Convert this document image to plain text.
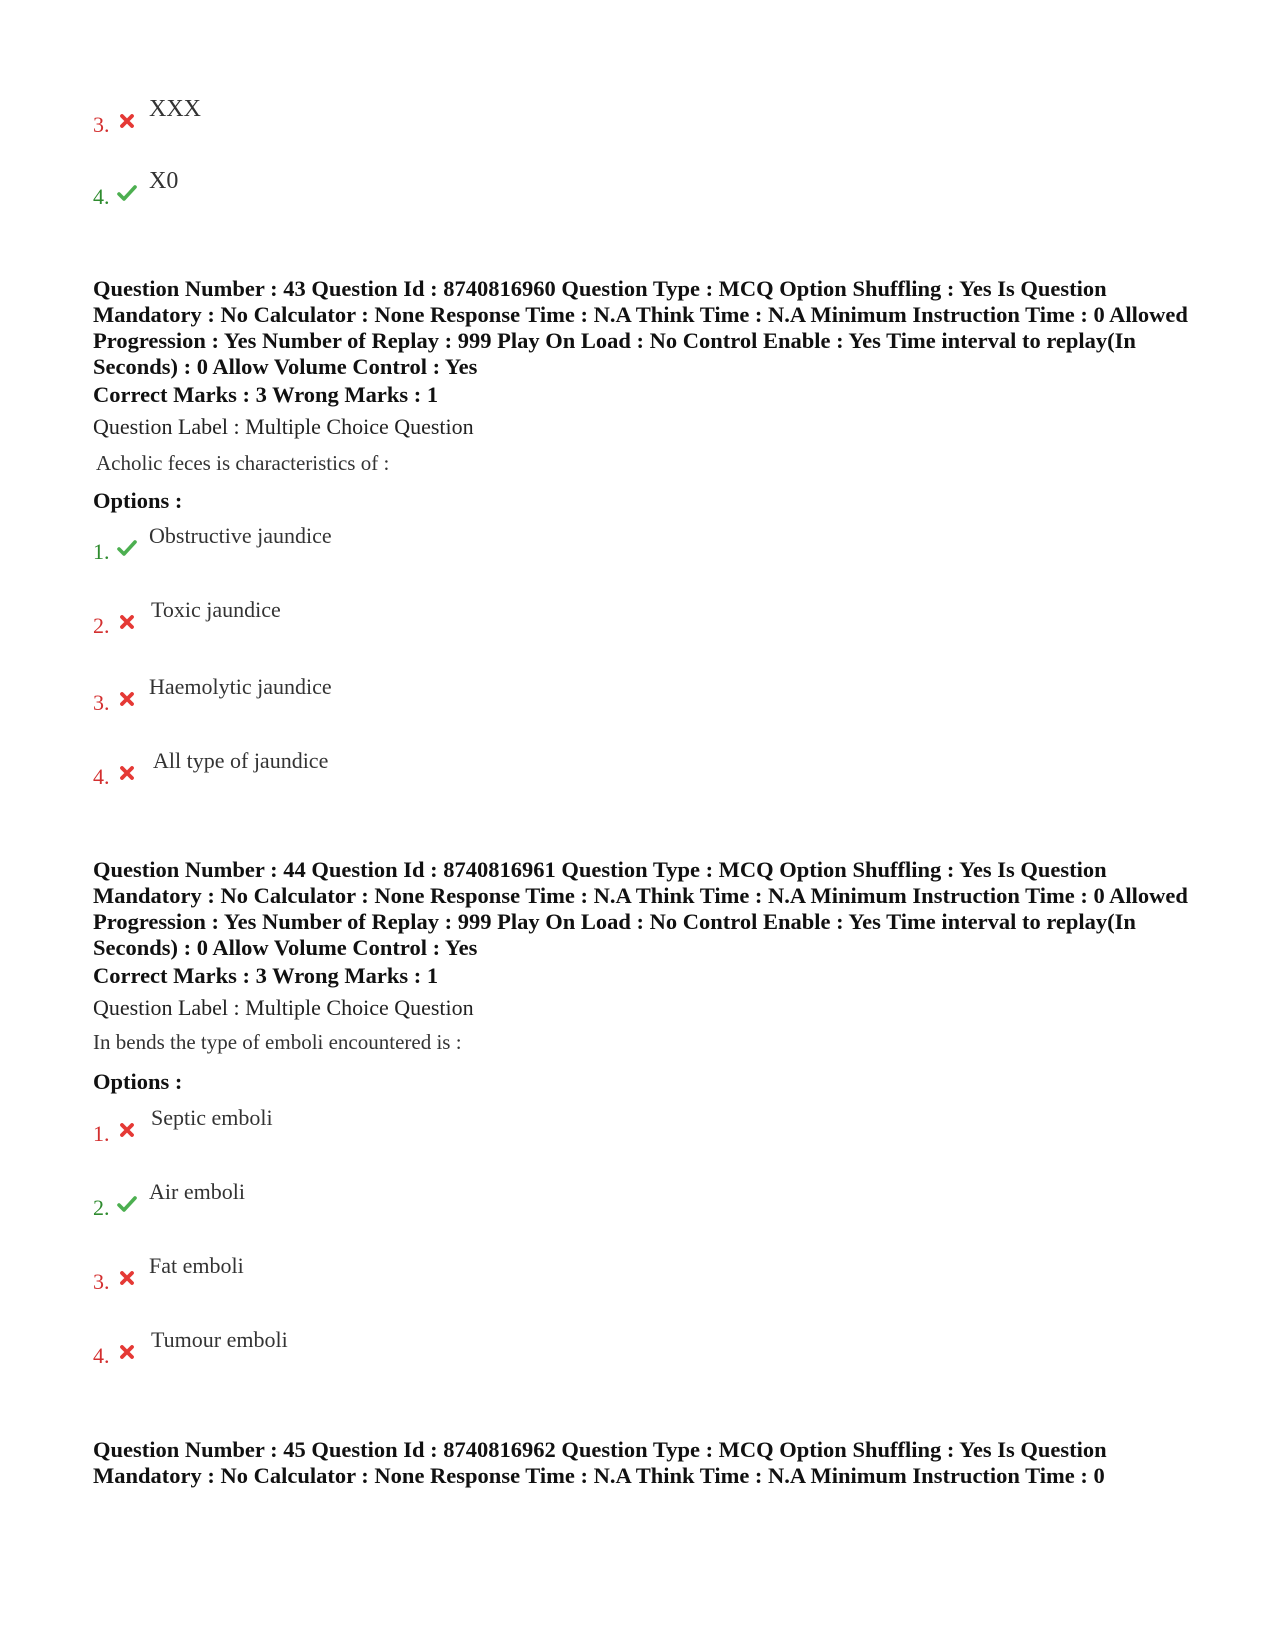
3.
XXX
4.
X0
Question Number : 43 Question Id : 8740816960 Question Type : MCQ Option Shuffling : Yes Is Question Mandatory : No Calculator : None Response Time : N.A Think Time : N.A Minimum Instruction Time : 0 Allowed Progression : Yes Number of Replay : 999 Play On Load : No Control Enable : Yes Time interval to replay(In Seconds) : 0 Allow Volume Control : Yes
Correct Marks : 3 Wrong Marks : 1
Question Label : Multiple Choice Question
Acholic feces is characteristics of :
Options :
1.
Obstructive jaundice
2.
Toxic jaundice
3.
Haemolytic jaundice
4.
All type of jaundice
Question Number : 44 Question Id : 8740816961 Question Type : MCQ Option Shuffling : Yes Is Question Mandatory : No Calculator : None Response Time : N.A Think Time : N.A Minimum Instruction Time : 0 Allowed Progression : Yes Number of Replay : 999 Play On Load : No Control Enable : Yes Time interval to replay(In Seconds) : 0 Allow Volume Control : Yes
Correct Marks : 3 Wrong Marks : 1
Question Label : Multiple Choice Question
In bends the type of emboli encountered is :
Options :
1.
Septic emboli
2.
Air emboli
3.
Fat emboli
4.
Tumour emboli
Question Number : 45 Question Id : 8740816962 Question Type : MCQ Option Shuffling : Yes Is Question Mandatory : No Calculator : None Response Time : N.A Think Time : N.A Minimum Instruction Time : 0
